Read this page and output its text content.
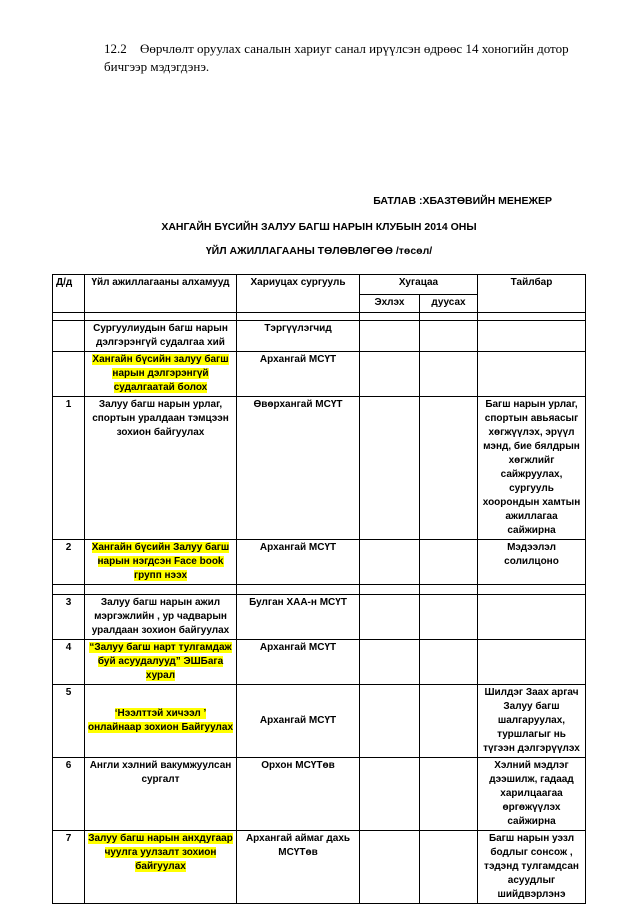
12.2 Өөрчлөлт оруулах саналын хариуг санал ирүүлсэн өдрөөс 14 хоногийн дотор бичгээр мэдэгдэнэ.
БАТЛАВ :ХБАЗТӨВИЙН МЕНЕЖЕР
ХАНГАЙН БҮСИЙН ЗАЛУУ БАГШ НАРЫН КЛУБЫН 2014 ОНЫ
ҮЙЛ АЖИЛЛАГААНЫ ТӨЛӨВЛӨГӨӨ /төсөл/
Д/д	Үйл ажиллагааны алхамууд	Хариуцах сургууль	Хугацаа		Тайлбар
			Эхлэх	дуусах	

	Сургуулиудын багш нарын дэлгэрэнгүй судалгаа хий	Тэргүүлэгчид			
	Хангайн бүсийн залуу багш нарын дэлгэрэнгүй судалгаатай болох	Архангай МСҮТ			
1	Залуу багш нарын урлаг, спортын уралдаан тэмцээн зохион байгуулах	Өвөрхангай МСҮТ			Багш нарын урлаг, спортын авьяасыг хөгжүүлэх, эрүүл мэнд, бие бялдрын хөгжлийг сайжруулах, сургууль хоорондын хамтын ажиллагаа сайжирна
2	Хангайн бүсийн Залуу багш нарын нэгдсэн Face book групп нээх	Архангай МСҮТ			Мэдээлэл солилцоно

3	Залуу багш нарын ажил мэргэжлийн , ур чадварын уралдаан зохион байгуулах	Булган ХАА-н МСҮТ			
4	“Залуу багш нарт тулгамдаж буй асуудалууд” ЭШБага хурал	Архангай МСҮТ			
5	‘Нээлттэй хичээл ’ онлайнаар зохион Байгуулах	Архангай МСҮТ			Шилдэг Заах аргач Залуу багш шалгаруулах, туршлагыг нь түгээн дэлгэрүүлэх
6	Англи хэлний вакумжуулсан сургалт	Орхон МСҮТөв			Хэлний мэдлэг дээшилж, гадаад харилцаагаа өргөжүүлэх сайжирна
7	Залуу багш нарын анхдугаар чуулга уулзалт зохион байгуулах	Архангай аймаг дахь МСҮТөв			Багш нарын уэзл бодлыг сонсож , тэдэнд тулгамдсан асуудлыг шийдвэрлэнэ
